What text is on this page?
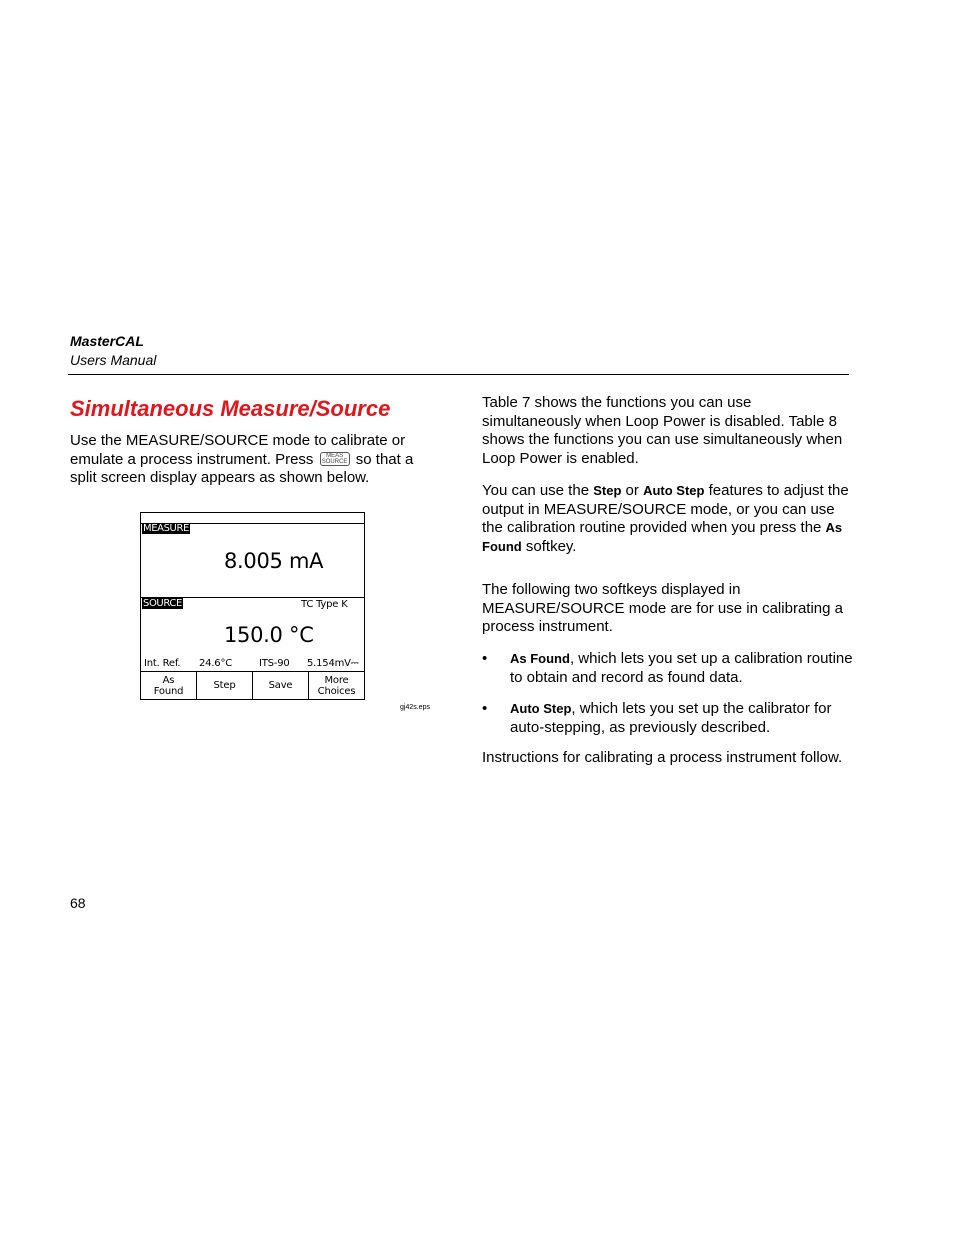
MasterCAL
Users Manual
Simultaneous Measure/Source

Use the MEASURE/SOURCE mode to calibrate or emulate a process instrument. Press	MEAS
SOURCE so that a split screen display appears as shown below.

MEASURE
8.005 mA
SOURCE	TC Type K
150.0 °C
Int. Ref. 24.6°C	ITS-90 5.154mV⎓
As
Found	Step	Save	More
Choices
gj42s.eps

Table 7 shows the functions you can use simultaneously when Loop Power is disabled. Table 8 shows the functions you can use simultaneously when Loop Power is enabled.

You can use the Step or Auto Step features to adjust the output in MEASURE/SOURCE mode, or you can use the calibration routine provided when you press the As Found softkey.

The following two softkeys displayed in MEASURE/SOURCE mode are for use in calibrating a process instrument.

• As Found, which lets you set up a calibration routine to obtain and record as found data.

• Auto Step, which lets you set up the calibrator for auto-stepping, as previously described.

Instructions for calibrating a process instrument follow.

68
